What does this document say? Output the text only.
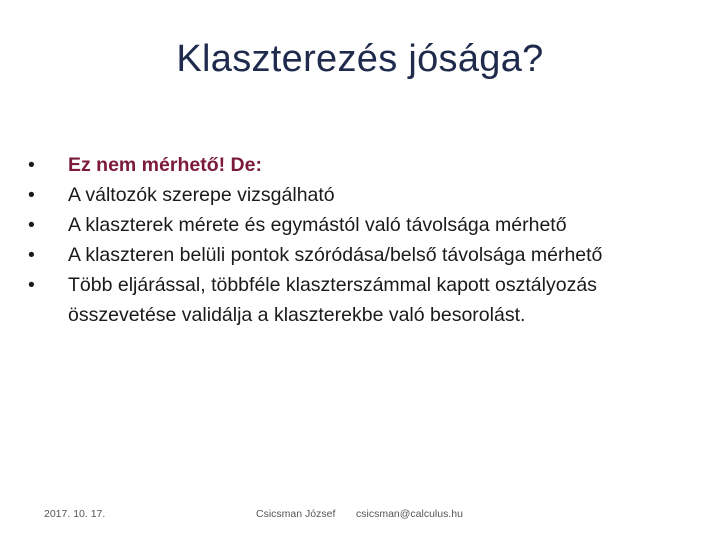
Klaszterezés jósága?
•	Ez nem mérhető! De:
•	A változók szerepe vizsgálható
•	A klaszterek mérete és egymástól való távolsága mérhető
•	A klaszteren belüli pontok szóródása/belső távolsága mérhető
•	Több eljárással, többféle klaszterszámmal kapott osztályozás összevetése validálja a klaszterekbe való besorolást.
2017. 10. 17.	Csicsman József csicsman@calculus.hu
